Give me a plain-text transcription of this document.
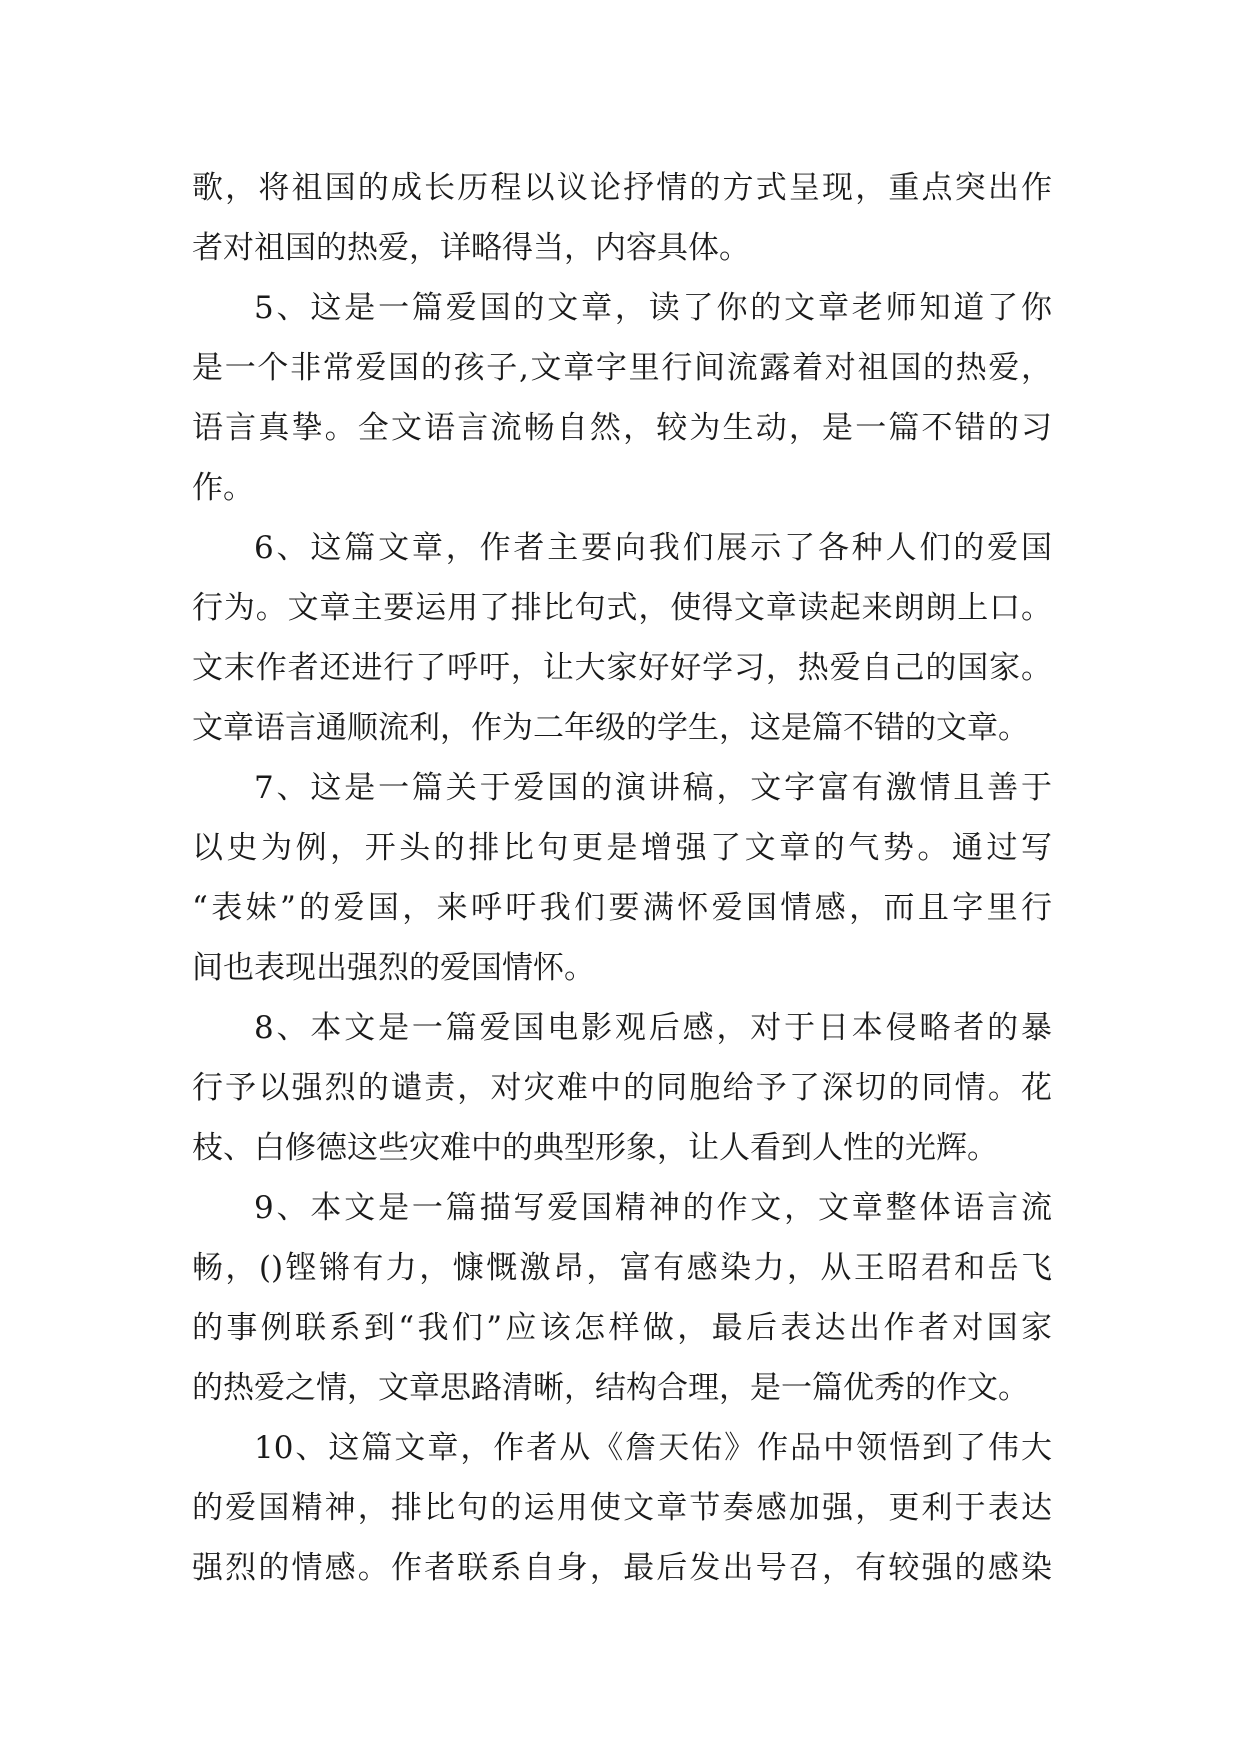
歌，将祖国的成长历程以议论抒情的方式呈现，重点突出作
者对祖国的热爱，详略得当，内容具体。
5、这是一篇爱国的文章，读了你的文章老师知道了你
是一个非常爱国的孩子,文章字里行间流露着对祖国的热爱，
语言真挚。全文语言流畅自然，较为生动，是一篇不错的习
作。
6、这篇文章，作者主要向我们展示了各种人们的爱国
行为。文章主要运用了排比句式，使得文章读起来朗朗上口。
文末作者还进行了呼吁，让大家好好学习，热爱自己的国家。
文章语言通顺流利，作为二年级的学生，这是篇不错的文章。
7、这是一篇关于爱国的演讲稿，文字富有激情且善于
以史为例，开头的排比句更是增强了文章的气势。通过写
“表妹”的爱国，来呼吁我们要满怀爱国情感，而且字里行
间也表现出强烈的爱国情怀。
8、本文是一篇爱国电影观后感，对于日本侵略者的暴
行予以强烈的谴责，对灾难中的同胞给予了深切的同情。花
枝、白修德这些灾难中的典型形象，让人看到人性的光辉。
9、本文是一篇描写爱国精神的作文，文章整体语言流
畅，()铿锵有力，慷慨激昂，富有感染力，从王昭君和岳飞
的事例联系到“我们”应该怎样做，最后表达出作者对国家
的热爱之情，文章思路清晰，结构合理，是一篇优秀的作文。
10、这篇文章，作者从《詹天佑》作品中领悟到了伟大
的爱国精神，排比句的运用使文章节奏感加强，更利于表达
强烈的情感。作者联系自身，最后发出号召，有较强的感染
